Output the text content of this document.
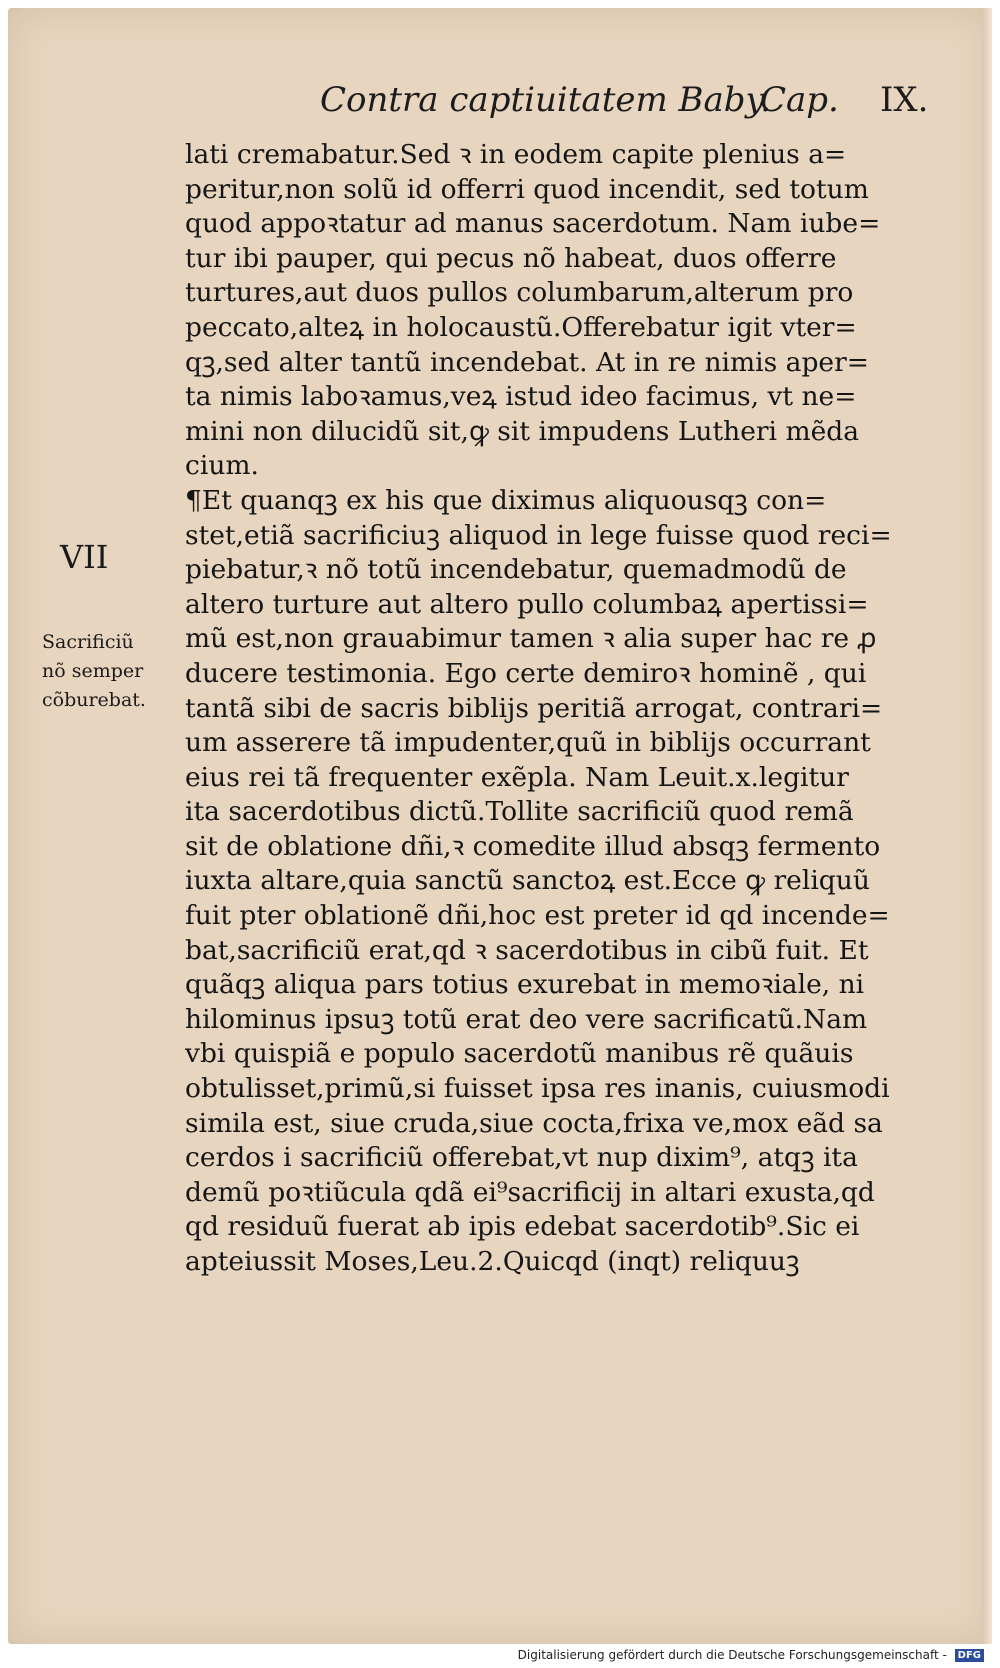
Contra captiuitatem Baby.
Cap. IX.
VII
Sacrificiũ
nõ semper
cõburebat.
lati cremabatur.Sed ꝛ in eodem capite plenius a=
peritur,non solũ id offerri quod incendit, sed totum
quod appoꝛtatur ad manus sacerdotum. Nam iube=
tur ibi pauper, qui pecus nõ habeat, duos offerre
turtures,aut duos pullos columbarum,alterum pro
peccato,alteꝝ in holocaustũ.Offerebatur igit vter=
qꝫ,sed alter tantũ incendebat. At in re nimis aper=
ta nimis laboꝛamus,veꝝ istud ideo facimus, vt ne=
mini non dilucidũ sit,ꝙ sit impudens Lutheri mẽda
cium.
¶Et quanqꝫ ex his que diximus aliquousqꝫ con=
stet,etiã sacrificiuꝫ aliquod in lege fuisse quod reci=
piebatur,ꝛ nõ totũ incendebatur, quemadmodũ de
altero turture aut altero pullo columbaꝝ apertissi=
mũ est,non grauabimur tamen ꝛ alia super hac re ꝓ
ducere testimonia. Ego certe demiroꝛ hominẽ , qui
tantã sibi de sacris biblijs peritiã arrogat, contrari=
um asserere tã impudenter,quũ in biblijs occurrant
eius rei tã frequenter exẽpla. Nam Leuit.x.legitur
ita sacerdotibus dictũ.Tollite sacrificiũ quod remã
sit de oblatione dñi,ꝛ comedite illud absqꝫ fermento
iuxta altare,quia sanctũ sanctoꝝ est.Ecce ꝙ reliquũ
fuit pter oblationẽ dñi,hoc est preter id qd incende=
bat,sacrificiũ erat,qd ꝛ sacerdotibus in cibũ fuit. Et
quãqꝫ aliqua pars totius exurebat in memoꝛiale, ni
hilominus ipsuꝫ totũ erat deo vere sacrificatũ.Nam
vbi quispiã e populo sacerdotũ manibus rẽ quãuis
obtulisset,primũ,si fuisset ipsa res inanis, cuiusmodi
simila est, siue cruda,siue cocta,frixa ve,mox eãd sa
cerdos i sacrificiũ offerebat,vt nup dixim⁹, atqꝫ ita
demũ poꝛtiũcula qdã ei⁹sacrificij in altari exusta,qd
qd residuũ fuerat ab ipis edebat sacerdotib⁹.Sic ei
apteiussit Moses,Leu.2.Quicqd (inqt) reliquuꝫ
Digitalisierung gefördert durch die Deutsche Forschungsgemeinschaft - DFG
